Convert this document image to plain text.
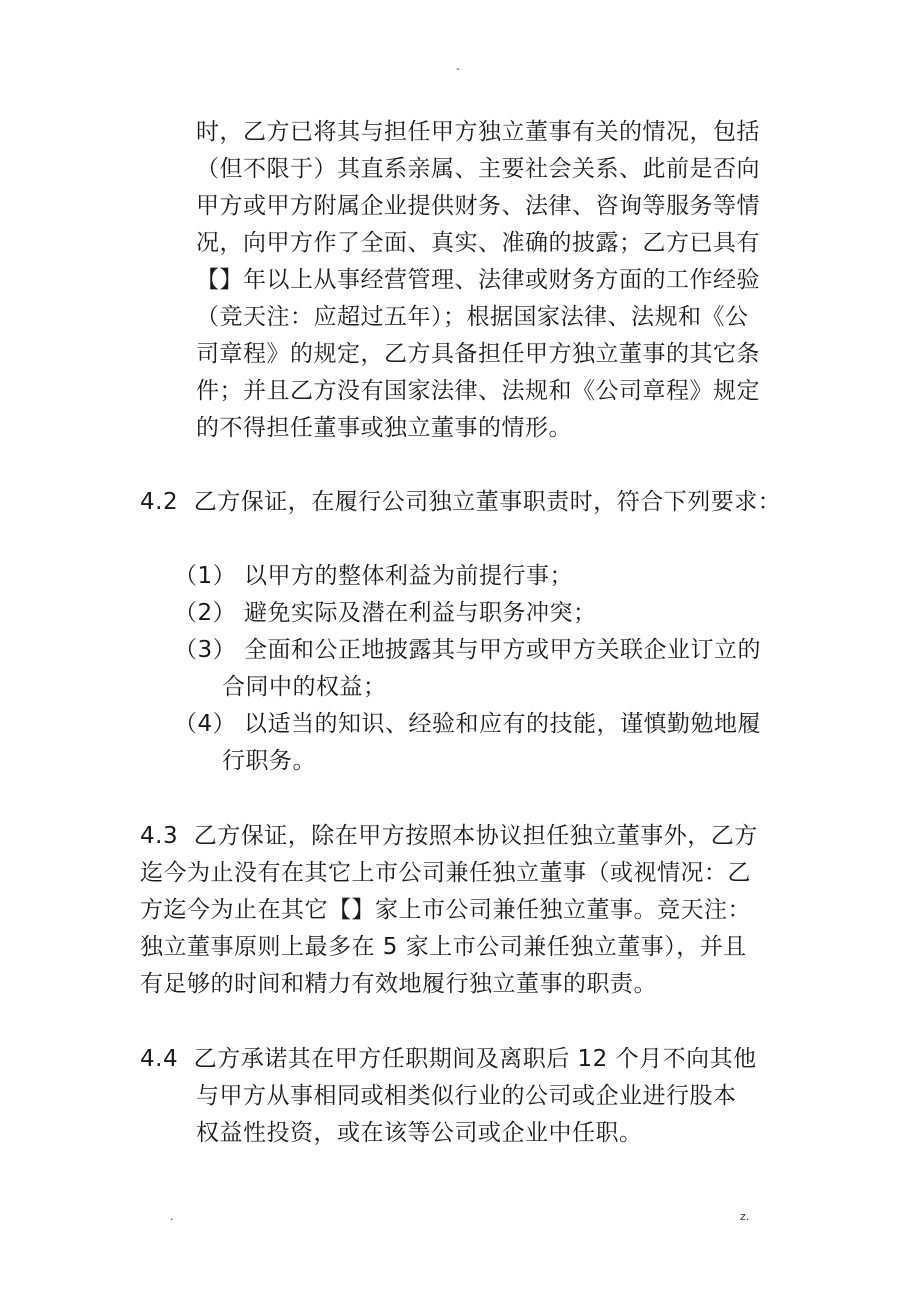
-
时，乙方已将其与担任甲方独立董事有关的情况，包括
（但不限于）其直系亲属、主要社会关系、此前是否向
甲方或甲方附属企业提供财务、法律、咨询等服务等情
况，向甲方作了全面、真实、准确的披露；乙方已具有
【】年以上从事经营管理、法律或财务方面的工作经验
（竞天注：应超过五年）；根据国家法律、法规和《公
司章程》的规定，乙方具备担任甲方独立董事的其它条
件；并且乙方没有国家法律、法规和《公司章程》规定
的不得担任董事或独立董事的情形。
4.2 乙方保证，在履行公司独立董事职责时，符合下列要求：
（1） 以甲方的整体利益为前提行事；
（2） 避免实际及潜在利益与职务冲突；
（3） 全面和公正地披露其与甲方或甲方关联企业订立的
合同中的权益；
（4） 以适当的知识、经验和应有的技能，谨慎勤勉地履
行职务。
4.3 乙方保证，除在甲方按照本协议担任独立董事外，乙方
迄今为止没有在其它上市公司兼任独立董事（或视情况：乙
方迄今为止在其它【】家上市公司兼任独立董事。竞天注：
独立董事原则上最多在 5 家上市公司兼任独立董事），并且
有足够的时间和精力有效地履行独立董事的职责。
4.4 乙方承诺其在甲方任职期间及离职后 12 个月不向其他
与甲方从事相同或相类似行业的公司或企业进行股本
权益性投资，或在该等公司或企业中任职。
.	z.
